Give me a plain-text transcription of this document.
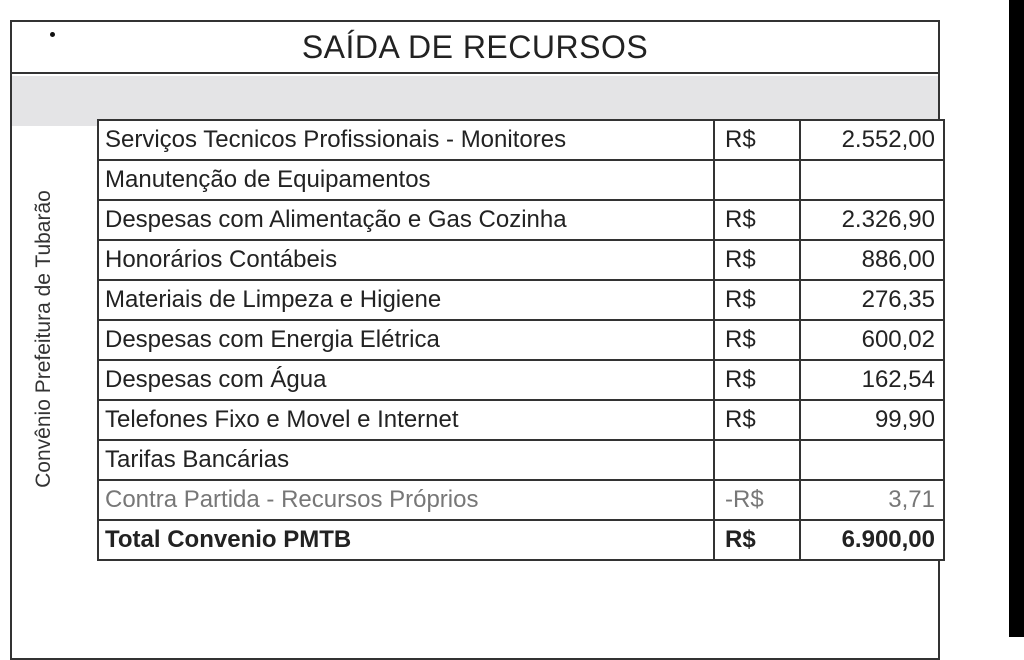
SAÍDA DE RECURSOS
Convênio Prefeitura de Tubarão
Serviços Tecnicos Profissionais - Monitores	R$	2.552,00
Manutenção de Equipamentos		
Despesas com Alimentação e Gas Cozinha	R$	2.326,90
Honorários Contábeis	R$	886,00
Materiais de Limpeza e Higiene	R$	276,35
Despesas com Energia Elétrica	R$	600,02
Despesas com Água	R$	162,54
Telefones Fixo e Movel e Internet	R$	99,90
Tarifas Bancárias		
Contra Partida - Recursos Próprios	-R$	3,71
Total Convenio PMTB	R$	6.900,00
